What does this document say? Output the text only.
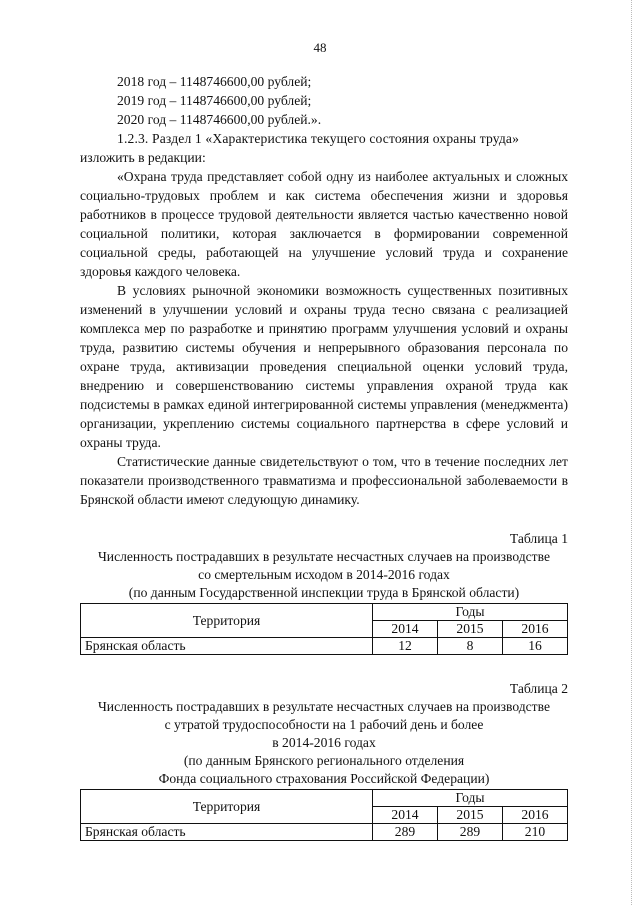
48
2018 год – 1148746600,00 рублей;
2019 год – 1148746600,00 рублей;
2020 год – 1148746600,00 рублей.».
1.2.3. Раздел 1 «Характеристика текущего состояния охраны труда»
изложить в редакции:

«Охрана труда представляет собой одну из наиболее актуальных и сложных социально-трудовых проблем и как система обеспечения жизни и здоровья работников в процессе трудовой деятельности является частью качественно новой социальной политики, которая заключается в формировании современной социальной среды, работающей на улучшение условий труда и сохранение здоровья каждого человека.

В условиях рыночной экономики возможность существенных позитивных изменений в улучшении условий и охраны труда тесно связана с реализацией комплекса мер по разработке и принятию программ улучшения условий и охраны труда, развитию системы обучения и непрерывного образования персонала по охране труда, активизации проведения специальной оценки условий труда, внедрению и совершенствованию системы управления охраной труда как подсистемы в рамках единой интегрированной системы управления (менеджмента) организации, укреплению системы социального партнерства в сфере условий и охраны труда.

Статистические данные свидетельствуют о том, что в течение последних лет показатели производственного травматизма и профессиональной заболеваемости в Брянской области имеют следующую динамику.

Таблица 1
Численность пострадавших в результате несчастных случаев на производстве
со смертельным исходом в 2014-2016 годах
(по данным Государственной инспекции труда в Брянской области)
Территория	Годы		
	2014	2015	2016
Брянская область	12	8	16
Таблица 2
Численность пострадавших в результате несчастных случаев на производстве
с утратой трудоспособности на 1 рабочий день и более
в 2014-2016 годах
(по данным Брянского регионального отделения
Фонда социального страхования Российской Федерации)
Территория	Годы		
	2014	2015	2016
Брянская область	289	289	210
